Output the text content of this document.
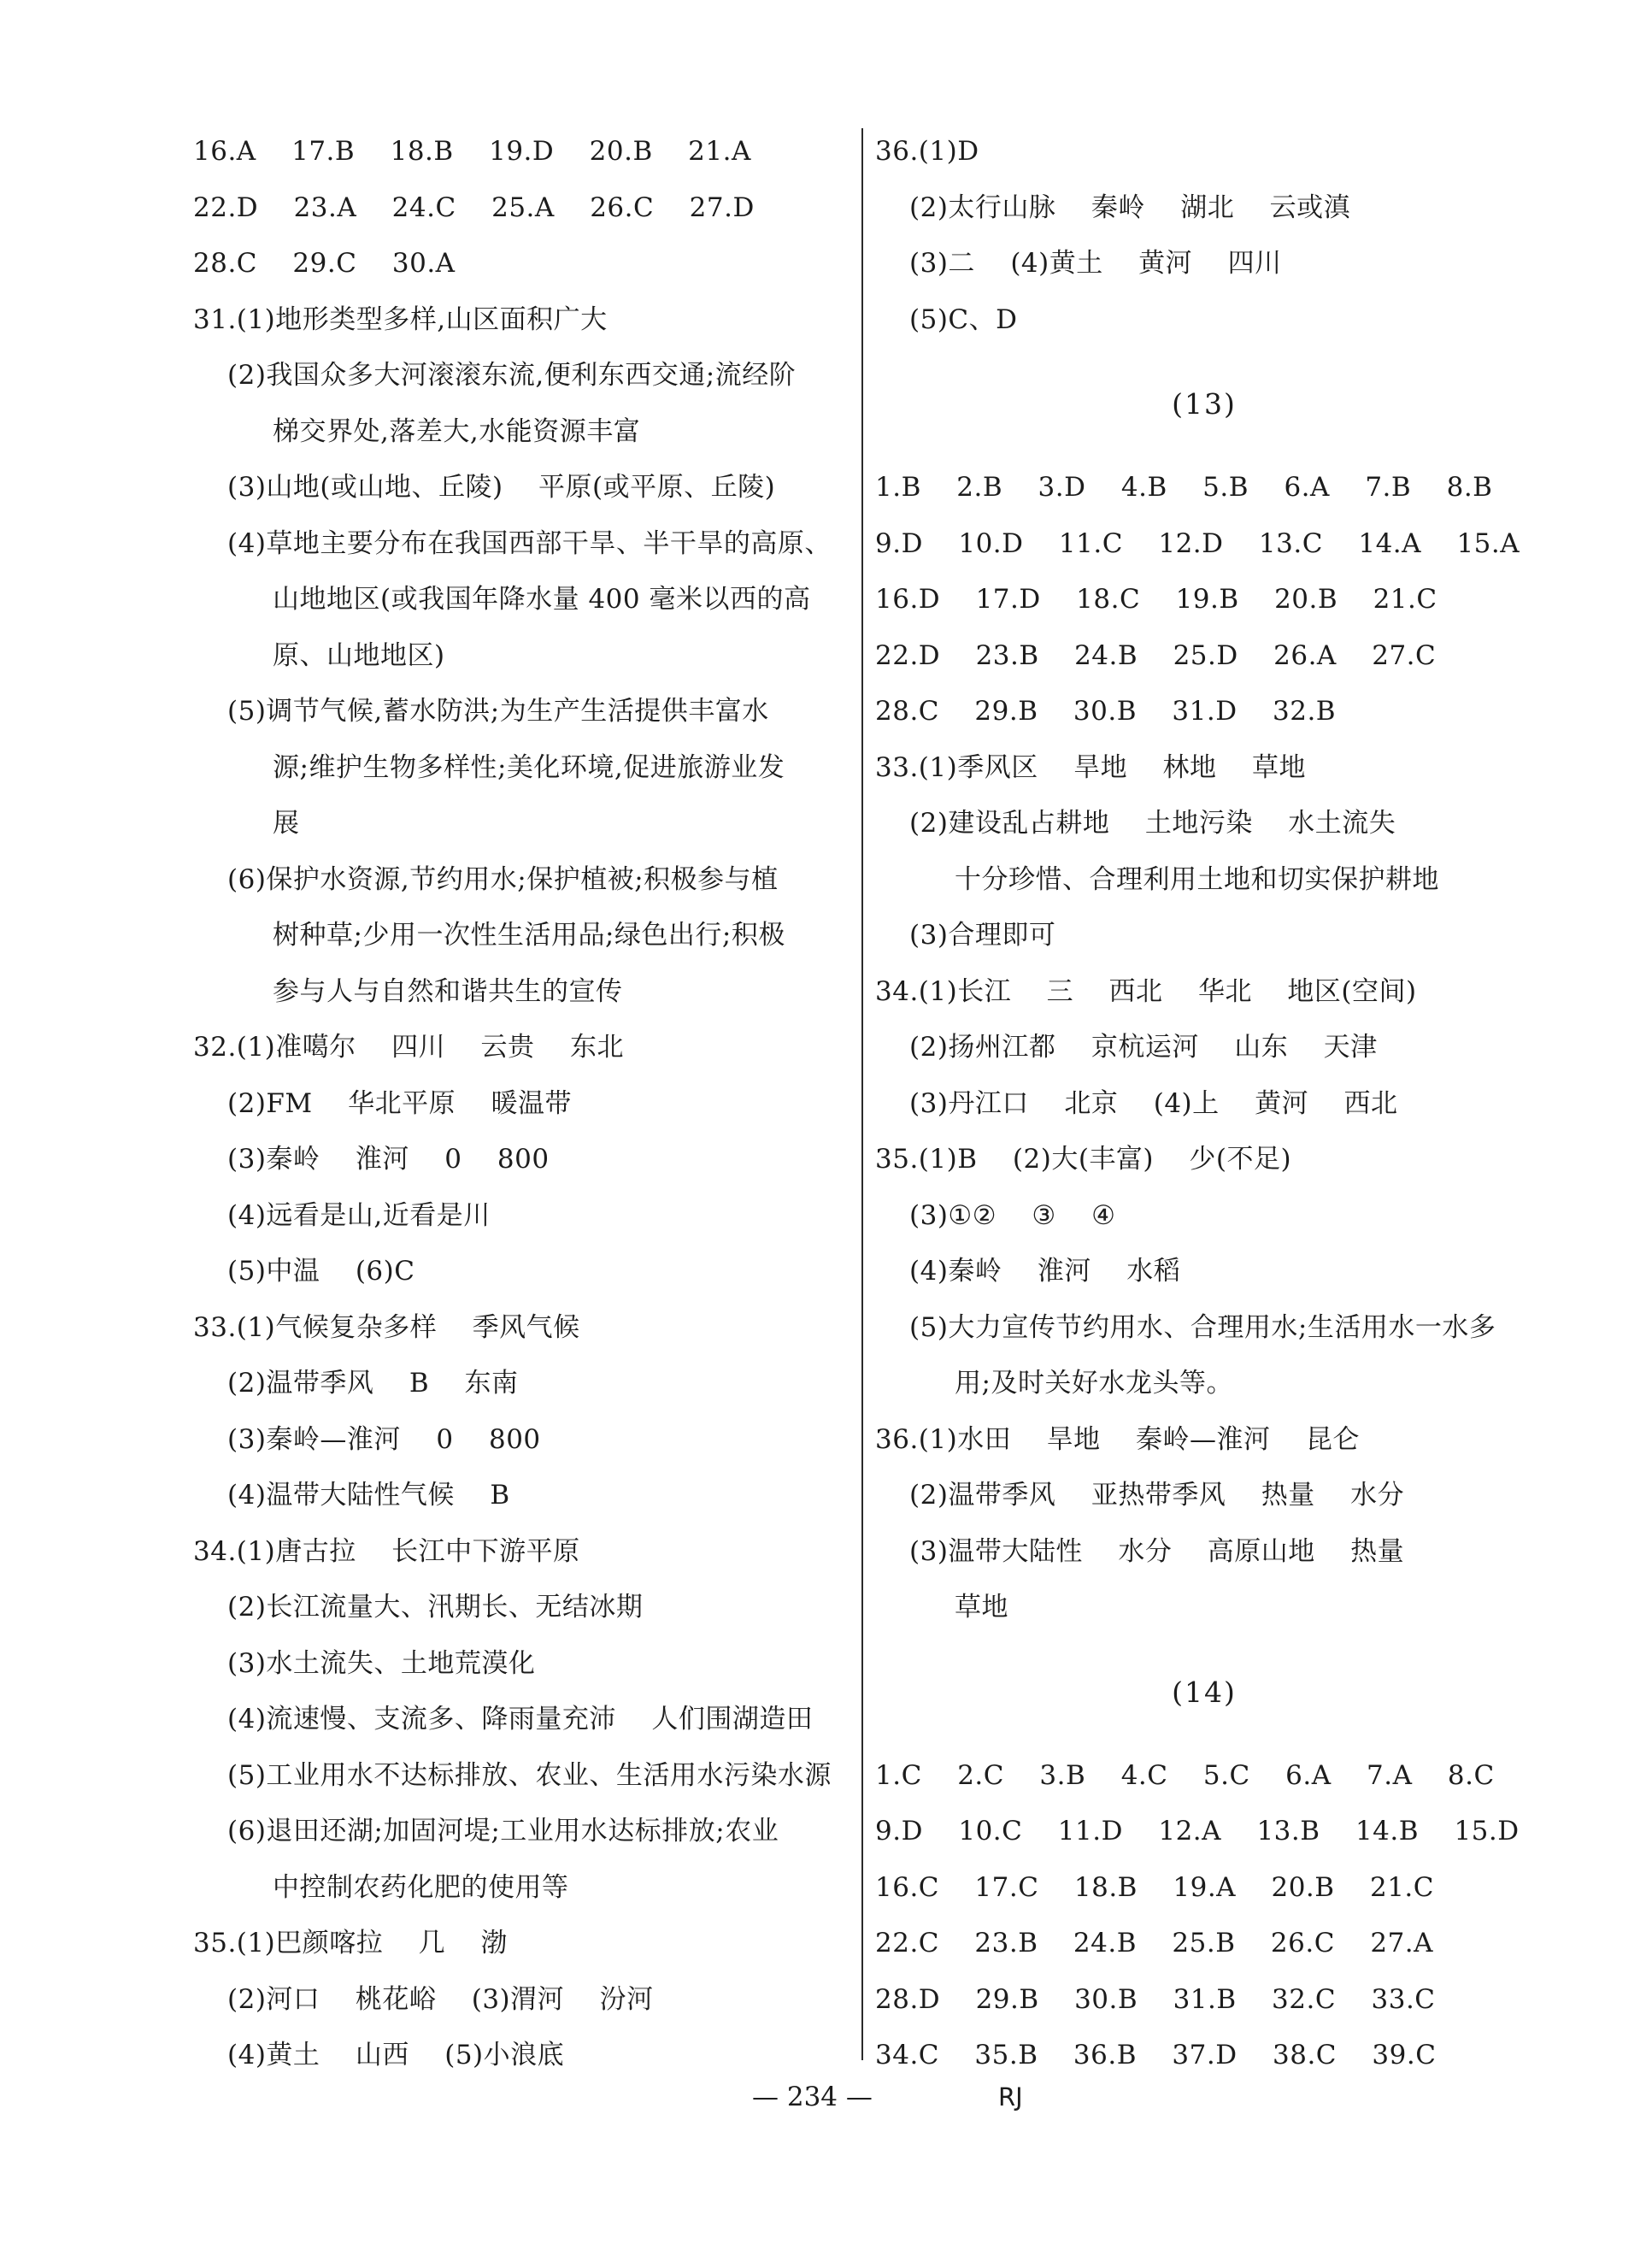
16.A    17.B    18.B    19.D    20.B    21.A
22.D    23.A    24.C    25.A    26.C    27.D
28.C    29.C    30.A
31.(1)地形类型多样,山区面积广大
(2)我国众多大河滚滚东流,便利东西交通;流经阶
梯交界处,落差大,水能资源丰富
(3)山地(或山地、丘陵)    平原(或平原、丘陵)
(4)草地主要分布在我国西部干旱、半干旱的高原、
山地地区(或我国年降水量 400 毫米以西的高
原、山地地区)
(5)调节气候,蓄水防洪;为生产生活提供丰富水
源;维护生物多样性;美化环境,促进旅游业发
展
(6)保护水资源,节约用水;保护植被;积极参与植
树种草;少用一次性生活用品;绿色出行;积极
参与人与自然和谐共生的宣传
32.(1)准噶尔    四川    云贵    东北
(2)FM    华北平原    暖温带
(3)秦岭    淮河    0    800
(4)远看是山,近看是川
(5)中温    (6)C
33.(1)气候复杂多样    季风气候
(2)温带季风    B    东南
(3)秦岭—淮河    0    800
(4)温带大陆性气候    B
34.(1)唐古拉    长江中下游平原
(2)长江流量大、汛期长、无结冰期
(3)水土流失、土地荒漠化
(4)流速慢、支流多、降雨量充沛    人们围湖造田
(5)工业用水不达标排放、农业、生活用水污染水源
(6)退田还湖;加固河堤;工业用水达标排放;农业
中控制农药化肥的使用等
35.(1)巴颜喀拉    几    渤
(2)河口    桃花峪    (3)渭河    汾河
(4)黄土    山西    (5)小浪底
36.(1)D
(2)太行山脉    秦岭    湖北    云或滇
(3)二    (4)黄土    黄河    四川
(5)C、D
(13)
1.B    2.B    3.D    4.B    5.B    6.A    7.B    8.B
9.D    10.D    11.C    12.D    13.C    14.A    15.A
16.D    17.D    18.C    19.B    20.B    21.C
22.D    23.B    24.B    25.D    26.A    27.C
28.C    29.B    30.B    31.D    32.B
33.(1)季风区    旱地    林地    草地
(2)建设乱占耕地    土地污染    水土流失
十分珍惜、合理利用土地和切实保护耕地
(3)合理即可
34.(1)长江    三    西北    华北    地区(空间)
(2)扬州江都    京杭运河    山东    天津
(3)丹江口    北京    (4)上    黄河    西北
35.(1)B    (2)大(丰富)    少(不足)
(3)①②    ③    ④
(4)秦岭    淮河    水稻
(5)大力宣传节约用水、合理用水;生活用水一水多
用;及时关好水龙头等。
36.(1)水田    旱地    秦岭—淮河    昆仑
(2)温带季风    亚热带季风    热量    水分
(3)温带大陆性    水分    高原山地    热量
草地
(14)
1.C    2.C    3.B    4.C    5.C    6.A    7.A    8.C
9.D    10.C    11.D    12.A    13.B    14.B    15.D
16.C    17.C    18.B    19.A    20.B    21.C
22.C    23.B    24.B    25.B    26.C    27.A
28.D    29.B    30.B    31.B    32.C    33.C
34.C    35.B    36.B    37.D    38.C    39.C
— 234 —	RJ
